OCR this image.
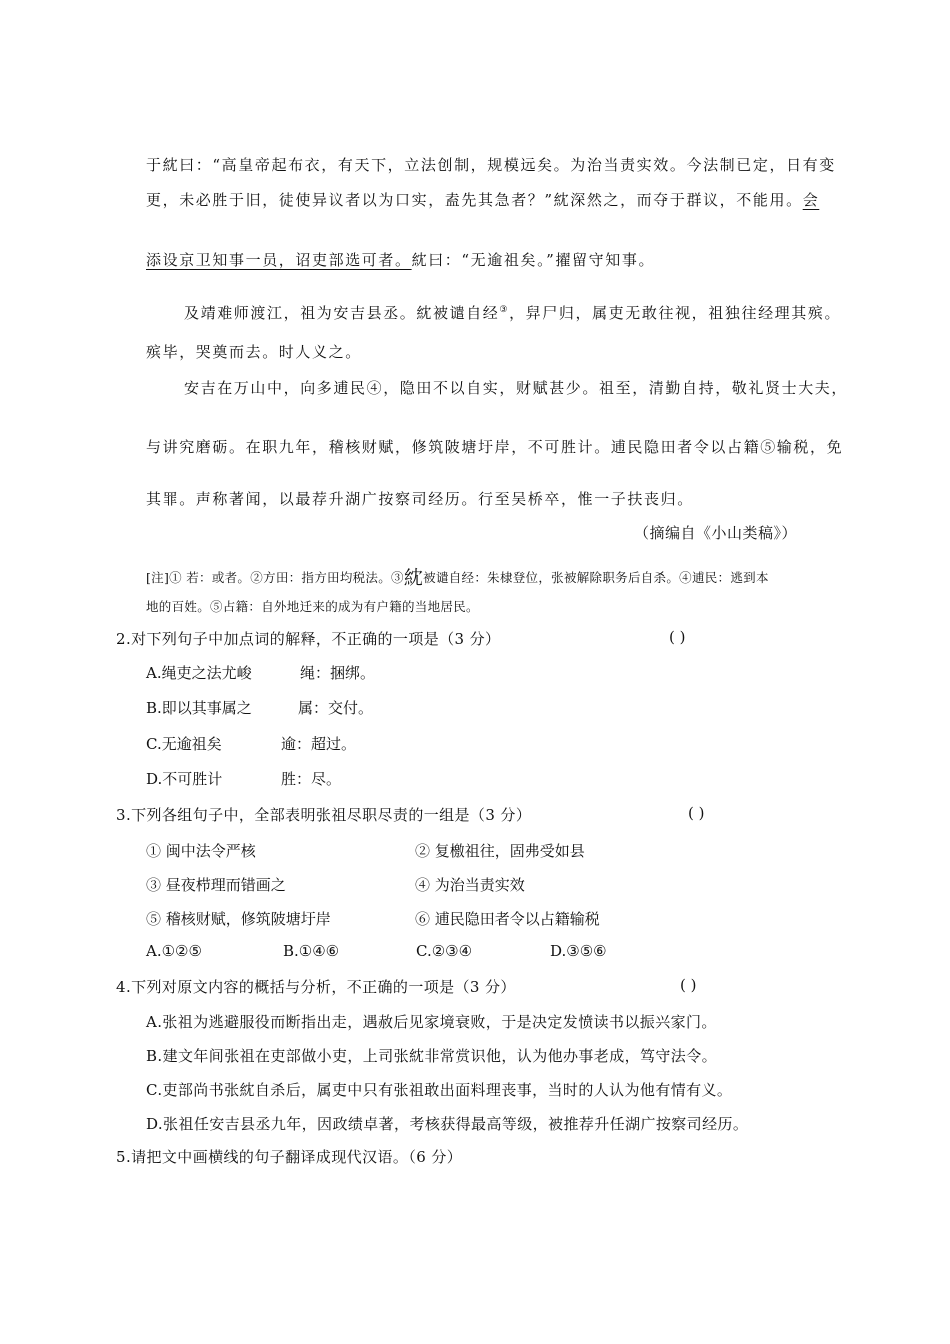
于紞曰：“高皇帝起布衣，有天下，立法创制，规模远矣。为治当责实效。今法制已定，日有变
更，未必胜于旧，徒使异议者以为口实，盍先其急者？”紞深然之，而夺于群议，不能用。会
添设京卫知事一员，诏吏部选可者。紞曰：“无逾祖矣。”擢留守知事。
及靖难师渡江，祖为安吉县丞。紞被谴自经③，舁尸归，属吏无敢往视，祖独往经理其殡。
殡毕，哭奠而去。时人义之。
安吉在万山中，向多逋民④，隐田不以自实，财赋甚少。祖至，清勤自持，敬礼贤士大夫，
与讲究磨砺。在职九年，稽核财赋，修筑陂塘圩岸，不可胜计。逋民隐田者令以占籍⑤输税，免
其罪。声称著闻，以最荐升湖广按察司经历。行至吴桥卒，惟一子扶丧归。
（摘编自《小山类稿》）
[注]① 若：或者。②方田：指方田均税法。③紞被谴自经：朱棣登位，张被解除职务后自杀。④逋民：逃到本
地的百姓。⑤占籍：自外地迁来的成为有户籍的当地居民。
2.对下列句子中加点词的解释，不正确的一项是（3 分）	( )
A.绳吏之法尤峻	绳：捆绑。
B.即以其事属之	属：交付。
C.无逾祖矣	逾：超过。
D.不可胜计	胜：尽。
3.下列各组句子中，全部表明张祖尽职尽责的一组是（3 分）	( )
① 闽中法令严核	② 复檄祖往，固弗受如县
③ 昼夜栉理而错画之	④ 为治当责实效
⑤ 稽核财赋，修筑陂塘圩岸	⑥ 逋民隐田者令以占籍输税
A.①②⑤	B.①④⑥	C.②③④	D.③⑤⑥
4.下列对原文内容的概括与分析，不正确的一项是（3 分）	( )
A.张祖为逃避服役而断指出走，遇赦后见家境衰败，于是决定发愤读书以振兴家门。
B.建文年间张祖在吏部做小吏，上司张紞非常赏识他，认为他办事老成，笃守法令。
C.吏部尚书张紞自杀后，属吏中只有张祖敢出面料理丧事，当时的人认为他有情有义。
D.张祖任安吉县丞九年，因政绩卓著，考核获得最高等级，被推荐升任湖广按察司经历。
5.请把文中画横线的句子翻译成现代汉语。（6 分）
